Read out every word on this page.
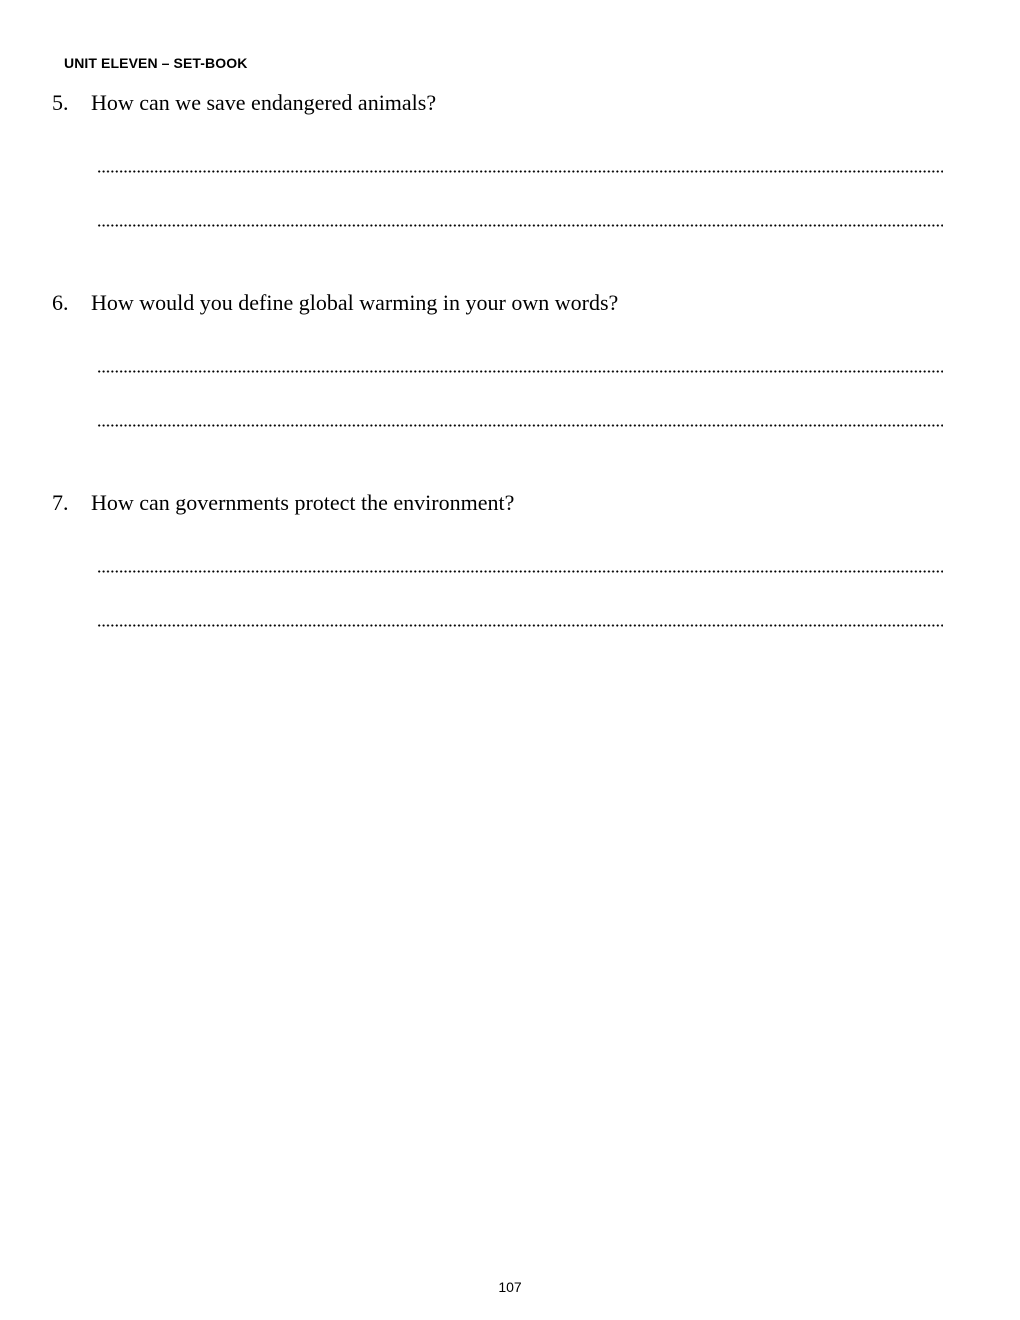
UNIT ELEVEN – SET-BOOK
5. How can we save endangered animals?
6. How would you define global warming in your own words?
7. How can governments protect the environment?
107
